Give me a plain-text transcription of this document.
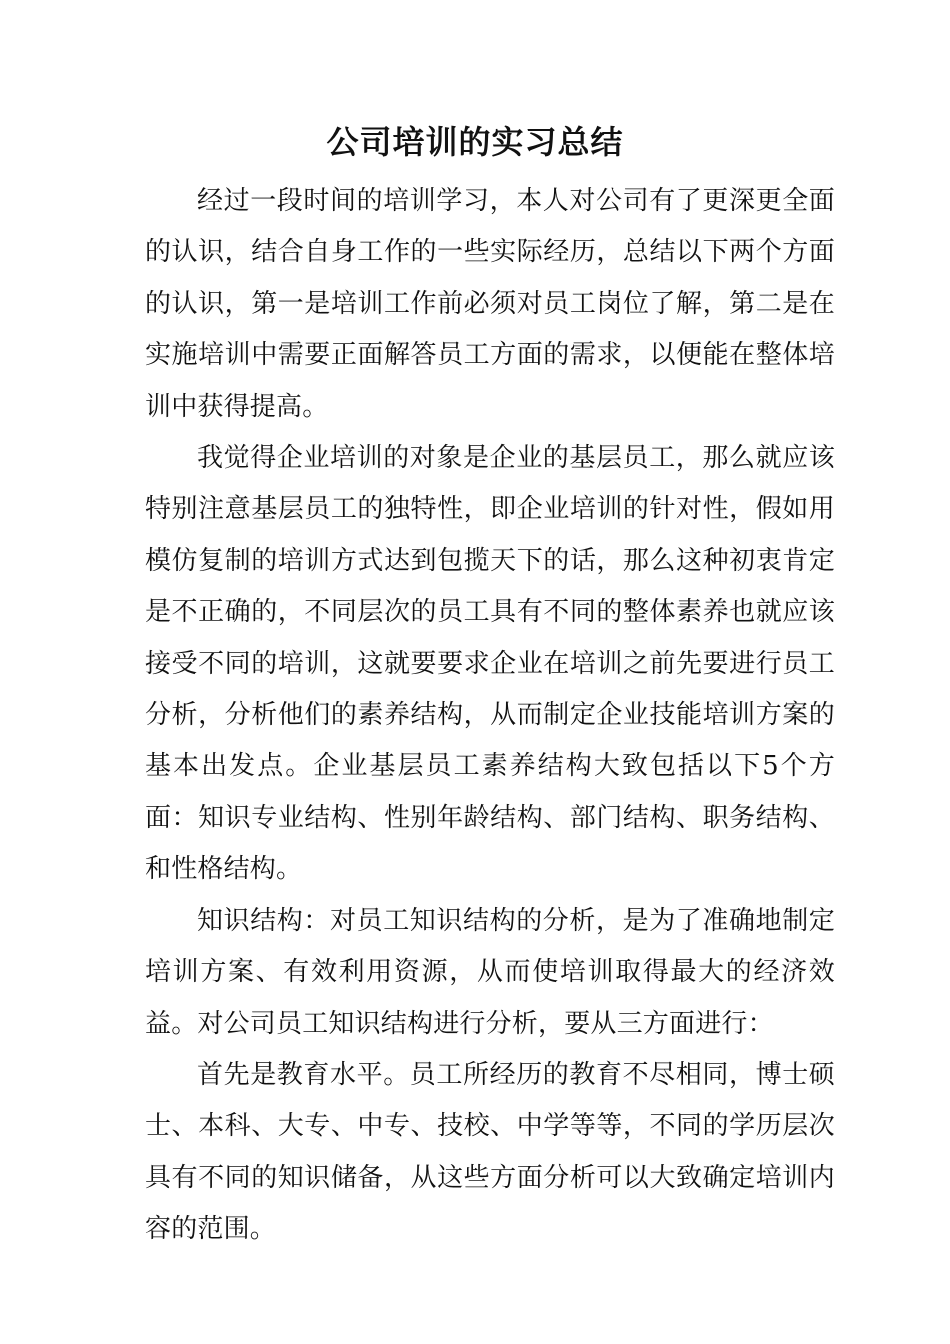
公司培训的实习总结

经过一段时间的培训学习，本人对公司有了更深更全面的认识，结合自身工作的一些实际经历，总结以下两个方面的认识，第一是培训工作前必须对员工岗位了解，第二是在实施培训中需要正面解答员工方面的需求，以便能在整体培训中获得提高。

我觉得企业培训的对象是企业的基层员工，那么就应该特别注意基层员工的独特性，即企业培训的针对性，假如用模仿复制的培训方式达到包揽天下的话，那么这种初衷肯定是不正确的，不同层次的员工具有不同的整体素养也就应该接受不同的培训，这就要要求企业在培训之前先要进行员工分析，分析他们的素养结构，从而制定企业技能培训方案的基本出发点。企业基层员工素养结构大致包括以下5个方面：知识专业结构、性别年龄结构、部门结构、职务结构、和性格结构。

知识结构：对员工知识结构的分析，是为了准确地制定培训方案、有效利用资源，从而使培训取得最大的经济效益。对公司员工知识结构进行分析，要从三方面进行：

首先是教育水平。员工所经历的教育不尽相同，博士硕士、本科、大专、中专、技校、中学等等，不同的学历层次具有不同的知识储备，从这些方面分析可以大致确定培训内容的范围。
